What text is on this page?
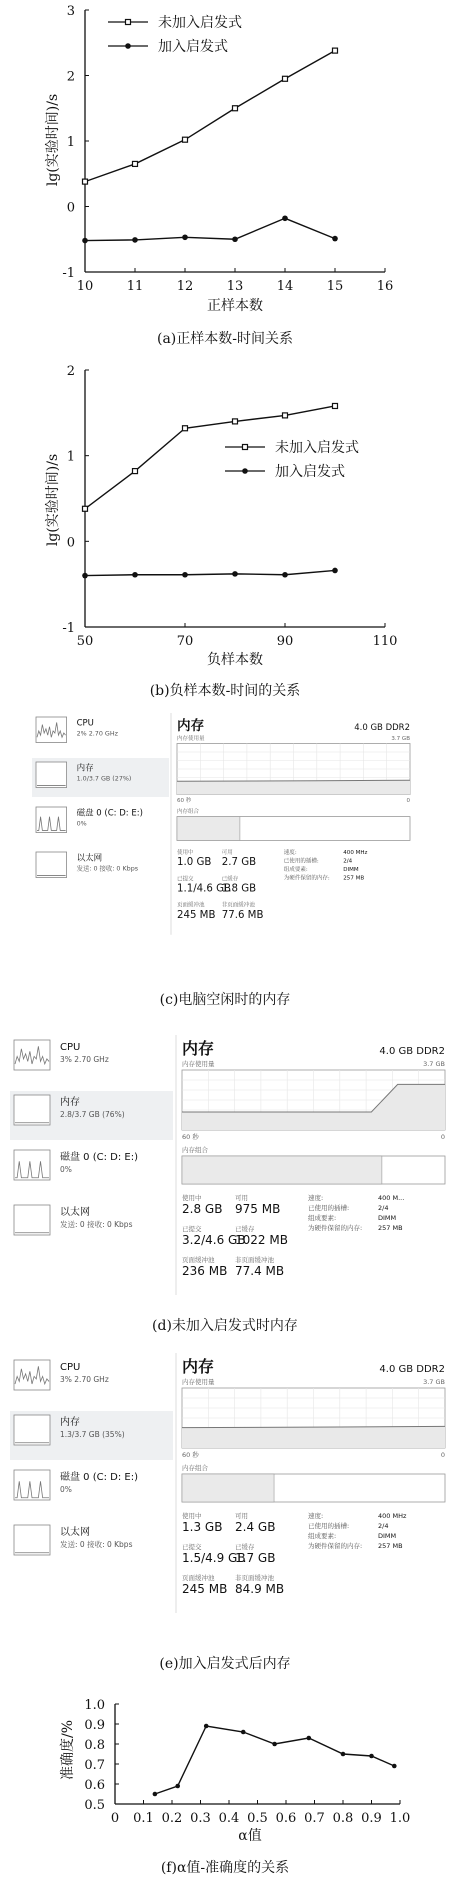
10	11	12	13	14	15	16
-1
0
1
2
3
正样本数
lg(实验时间)/s
(a)正样本数-时间关系
未加入启发式
加入启发式
50	70	90	110
-1
0
1
2
负样本数
lg(实验时间)/s
(b)负样本数-时间的关系
未加入启发式
加入启发式
0 0.1 0.2 0.3 0.4 0.5 0.6 0.7 0.8 0.9 1.0
0.5
0.6
0.7
0.8
0.9
1.0
α值
准确度/%
(f)α值-准确度的关系
CPU
2% 2.70 GHz
内存
1.0/3.7 GB (27%)
磁盘 0 (C: D: E:)
0%
以太网
发送: 0 接收: 0 Kbps
内存	4.0 GB DDR2
内存使用量	3.7 GB
60 秒	0
内存组合
使用中
1.0 GB
可用
2.7 GB
已提交
1.1/4.6 GB
已缓存
1.8 GB
页面缓冲池
245 MB
非页面缓冲池
77.6 MB
速度:	400 MHz
已使用的插槽:	2/4
组成要素:	DIMM
为硬件保留的内存: 257 MB
(c)电脑空闲时的内存
CPU
3% 2.70 GHz
内存
2.8/3.7 GB (76%)
磁盘 0 (C: D: E:)
0%
以太网
发送: 0 接收: 0 Kbps
内存	4.0 GB DDR2
内存使用量	3.7 GB
60 秒	0
内存组合
使用中
2.8 GB
可用
975 MB
已提交
3.2/4.6 GB
已缓存
1022 MB
页面缓冲池
236 MB
非页面缓冲池
77.4 MB
速度:	400 M...
已使用的插槽:	2/4
组成要素:	DIMM
为硬件保留的内存: 257 MB
(d)未加入启发式时内存
CPU
3% 2.70 GHz
内存
1.3/3.7 GB (35%)
磁盘 0 (C: D: E:)
0%
以太网
发送: 0 接收: 0 Kbps
内存	4.0 GB DDR2
内存使用量	3.7 GB
60 秒	0
内存组合
使用中
1.3 GB
可用
2.4 GB
已提交
1.5/4.9 GB
已缓存
1.7 GB
页面缓冲池
245 MB
非页面缓冲池
84.9 MB
速度:	400 MHz
已使用的插槽:	2/4
组成要素:	DIMM
为硬件保留的内存: 257 MB
(e)加入启发式后内存
